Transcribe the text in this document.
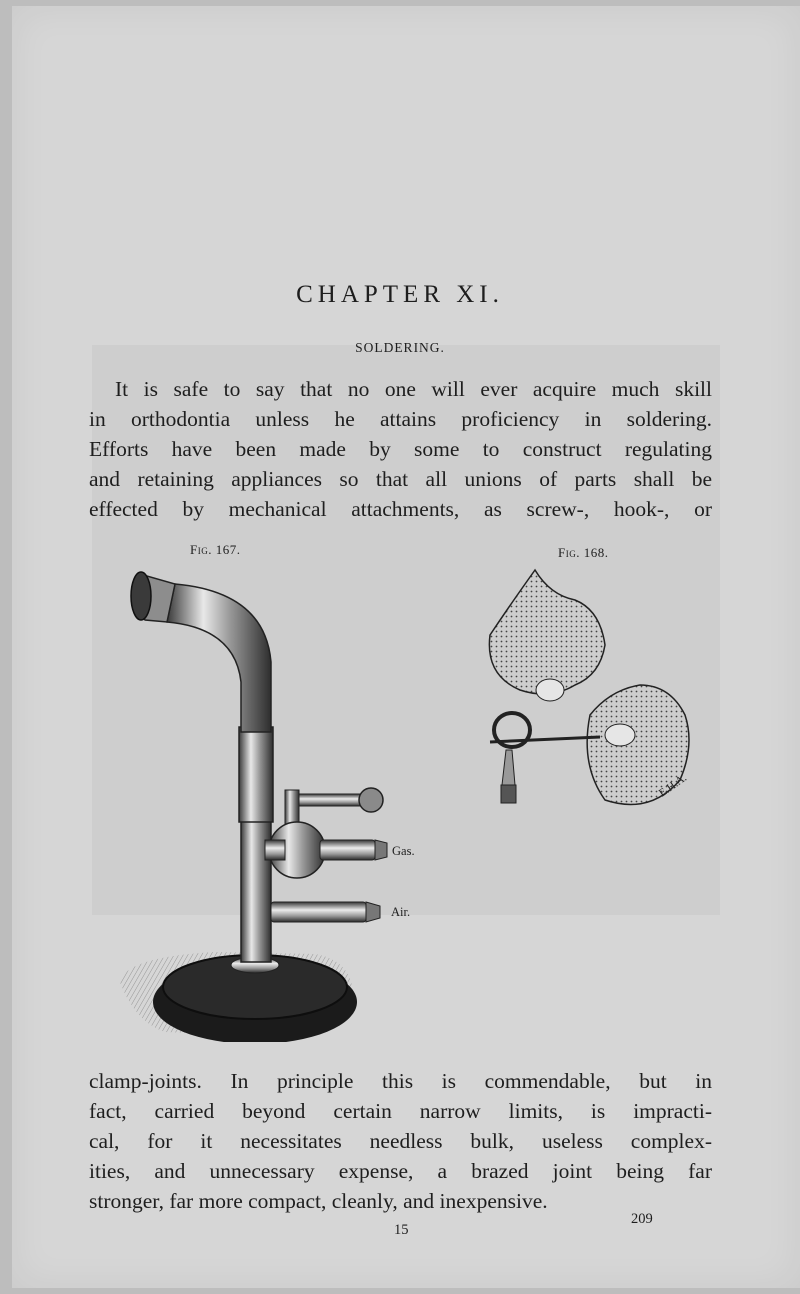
CHAPTER XI.
SOLDERING.

It is safe to say that no one will ever acquire much skill
in orthodontia unless he attains proficiency in soldering.
Efforts have been made by some to construct regulating
and retaining appliances so that all unions of parts shall be
effected by mechanical attachments, as screw-, hook-, or

Fig. 167.	Fig. 168.
Gas.
Air.
E.H.A.

clamp-joints. In principle this is commendable, but in
fact, carried beyond certain narrow limits, is impracti-
cal, for it necessitates needless bulk, useless complex-
ities, and unnecessary expense, a brazed joint being far
stronger, far more compact, cleanly, and inexpensive.

15
209
